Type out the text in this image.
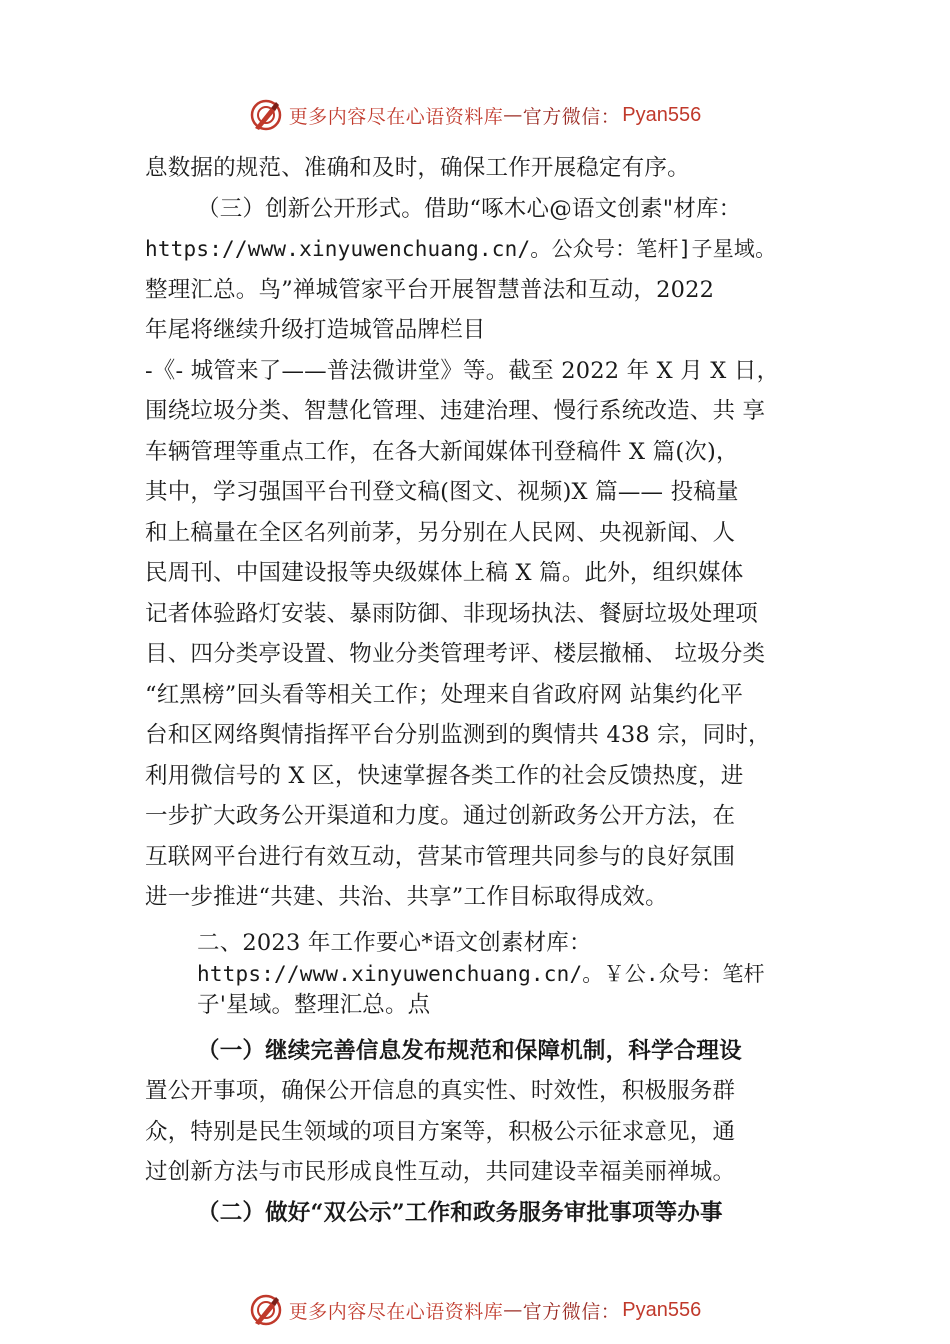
更多内容尽在心语资料库 — 官方微信： Pyan556
息数据的规范、准确和及时，确保工作开展稳定有序。
（三）创新公开形式。借助“啄木心@语文创素"材库：
https://www.xinyuwenchuang.cn/。公众号：笔杆]子星域。
整理汇总。鸟”禅城管家平台开展智慧普法和互动，2022
年尾将继续升级打造城管品牌栏目
-《- 城管来了——普法微讲堂》等。截至 2022 年 X 月 X 日，
围绕垃圾分类、智慧化管理、违建治理、慢行系统改造、共 享
车辆管理等重点工作，在各大新闻媒体刊登稿件 X 篇(次)，
其中，学习强国平台刊登文稿(图文、视频)X 篇—— 投稿量
和上稿量在全区名列前茅，另分别在人民网、央视新闻、人
民周刊、中国建设报等央级媒体上稿 X 篇。此外，组织媒体
记者体验路灯安装、暴雨防御、非现场执法、餐厨垃圾处理项
目、四分类亭设置、物业分类管理考评、楼层撤桶、 垃圾分类
“红黑榜”回头看等相关工作；处理来自省政府网 站集约化平
台和区网络舆情指挥平台分别监测到的舆情共 438 宗，同时，
利用微信号的 X 区，快速掌握各类工作的社会反馈热度，进
一步扩大政务公开渠道和力度。通过创新政务公开方法，在
互联网平台进行有效互动，营某市管理共同参与的良好氛围
进一步推进“共建、共治、共享”工作目标取得成效。
二、2023 年工作要心*语文创素材库：
https://www.xinyuwenchuang.cn/。￥公.众号：笔杆
子'星域。整理汇总。点
（一）继续完善信息发布规范和保障机制，科学合理设
置公开事项，确保公开信息的真实性、时效性，积极服务群
众，特别是民生领域的项目方案等，积极公示征求意见，通
过创新方法与市民形成良性互动，共同建设幸福美丽禅城。
（二）做好“双公示”工作和政务服务审批事项等办事
更多内容尽在心语资料库 — 官方微信： Pyan556
